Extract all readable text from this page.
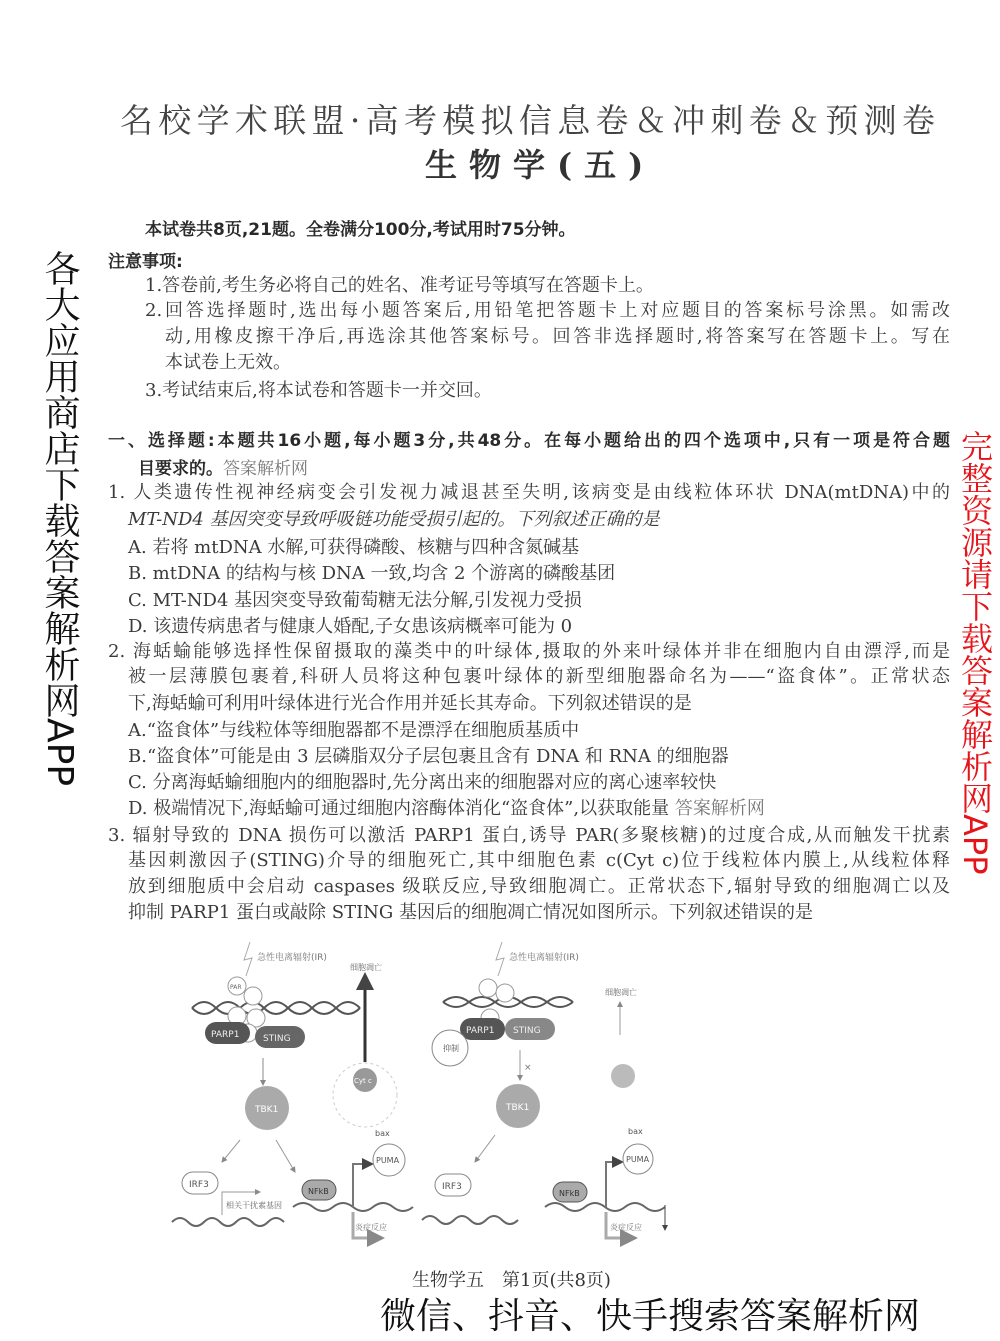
名校学术联盟·高考模拟信息卷＆冲刺卷＆预测卷
生物学(五)
本试卷共8页,21题。全卷满分100分,考试用时75分钟。
注意事项:
1.答卷前,考生务必将自己的姓名、准考证号等填写在答题卡上。
2.回答选择题时,选出每小题答案后,用铅笔把答题卡上对应题目的答案标号涂黑。如需改
动,用橡皮擦干净后,再选涂其他答案标号。回答非选择题时,将答案写在答题卡上。写在
本试卷上无效。
3.考试结束后,将本试卷和答题卡一并交回。
一、选择题:本题共16小题,每小题3分,共48分。在每小题给出的四个选项中,只有一项是符合题
目要求的。答案解析网
1. 人类遗传性视神经病变会引发视力减退甚至失明,该病变是由线粒体环状 DNA(mtDNA)中的
MT-ND4 基因突变导致呼吸链功能受损引起的。下列叙述正确的是
A. 若将 mtDNA 水解,可获得磷酸、核糖与四种含氮碱基
B. mtDNA 的结构与核 DNA 一致,均含 2 个游离的磷酸基团
C. MT-ND4 基因突变导致葡萄糖无法分解,引发视力受损
D. 该遗传病患者与健康人婚配,子女患该病概率可能为 0
2. 海蛞蝓能够选择性保留摄取的藻类中的叶绿体,摄取的外来叶绿体并非在细胞内自由漂浮,而是
被一层薄膜包裹着,科研人员将这种包裹叶绿体的新型细胞器命名为——“盗食体”。正常状态
下,海蛞蝓可利用叶绿体进行光合作用并延长其寿命。下列叙述错误的是
A.“盗食体”与线粒体等细胞器都不是漂浮在细胞质基质中
B.“盗食体”可能是由 3 层磷脂双分子层包裹且含有 DNA 和 RNA 的细胞器
C. 分离海蛞蝓细胞内的细胞器时,先分离出来的细胞器对应的离心速率较快
D. 极端情况下,海蛞蝓可通过细胞内溶酶体消化“盗食体”,以获取能量 答案解析网
3. 辐射导致的 DNA 损伤可以激活 PARP1 蛋白,诱导 PAR(多聚核糖)的过度合成,从而触发干扰素
基因刺激因子(STING)介导的细胞死亡,其中细胞色素 c(Cyt c)位于线粒体内膜上,从线粒体释
放到细胞质中会启动 caspases 级联反应,导致细胞凋亡。正常状态下,辐射导致的细胞凋亡以及
抑制 PARP1 蛋白或敲除 STING 基因后的细胞凋亡情况如图所示。下列叙述错误的是
急性电离辐射(IR)
PAR
PARP1	STING
TBK1
IRF3
相关干扰素基因
NFkB
PUMA
bax
炎症反应
Cyt c
细胞凋亡
急性电离辐射(IR)
PARP1
抑制
STING
×
TBK1
IRF3
NFkB
PUMA
bax
炎症反应
细胞凋亡
生物学五　第1页(共8页)
各大应用商店下载答案解析网APP	完整资源请下载答案解析网APP
微信、抖音、快手搜索答案解析网
